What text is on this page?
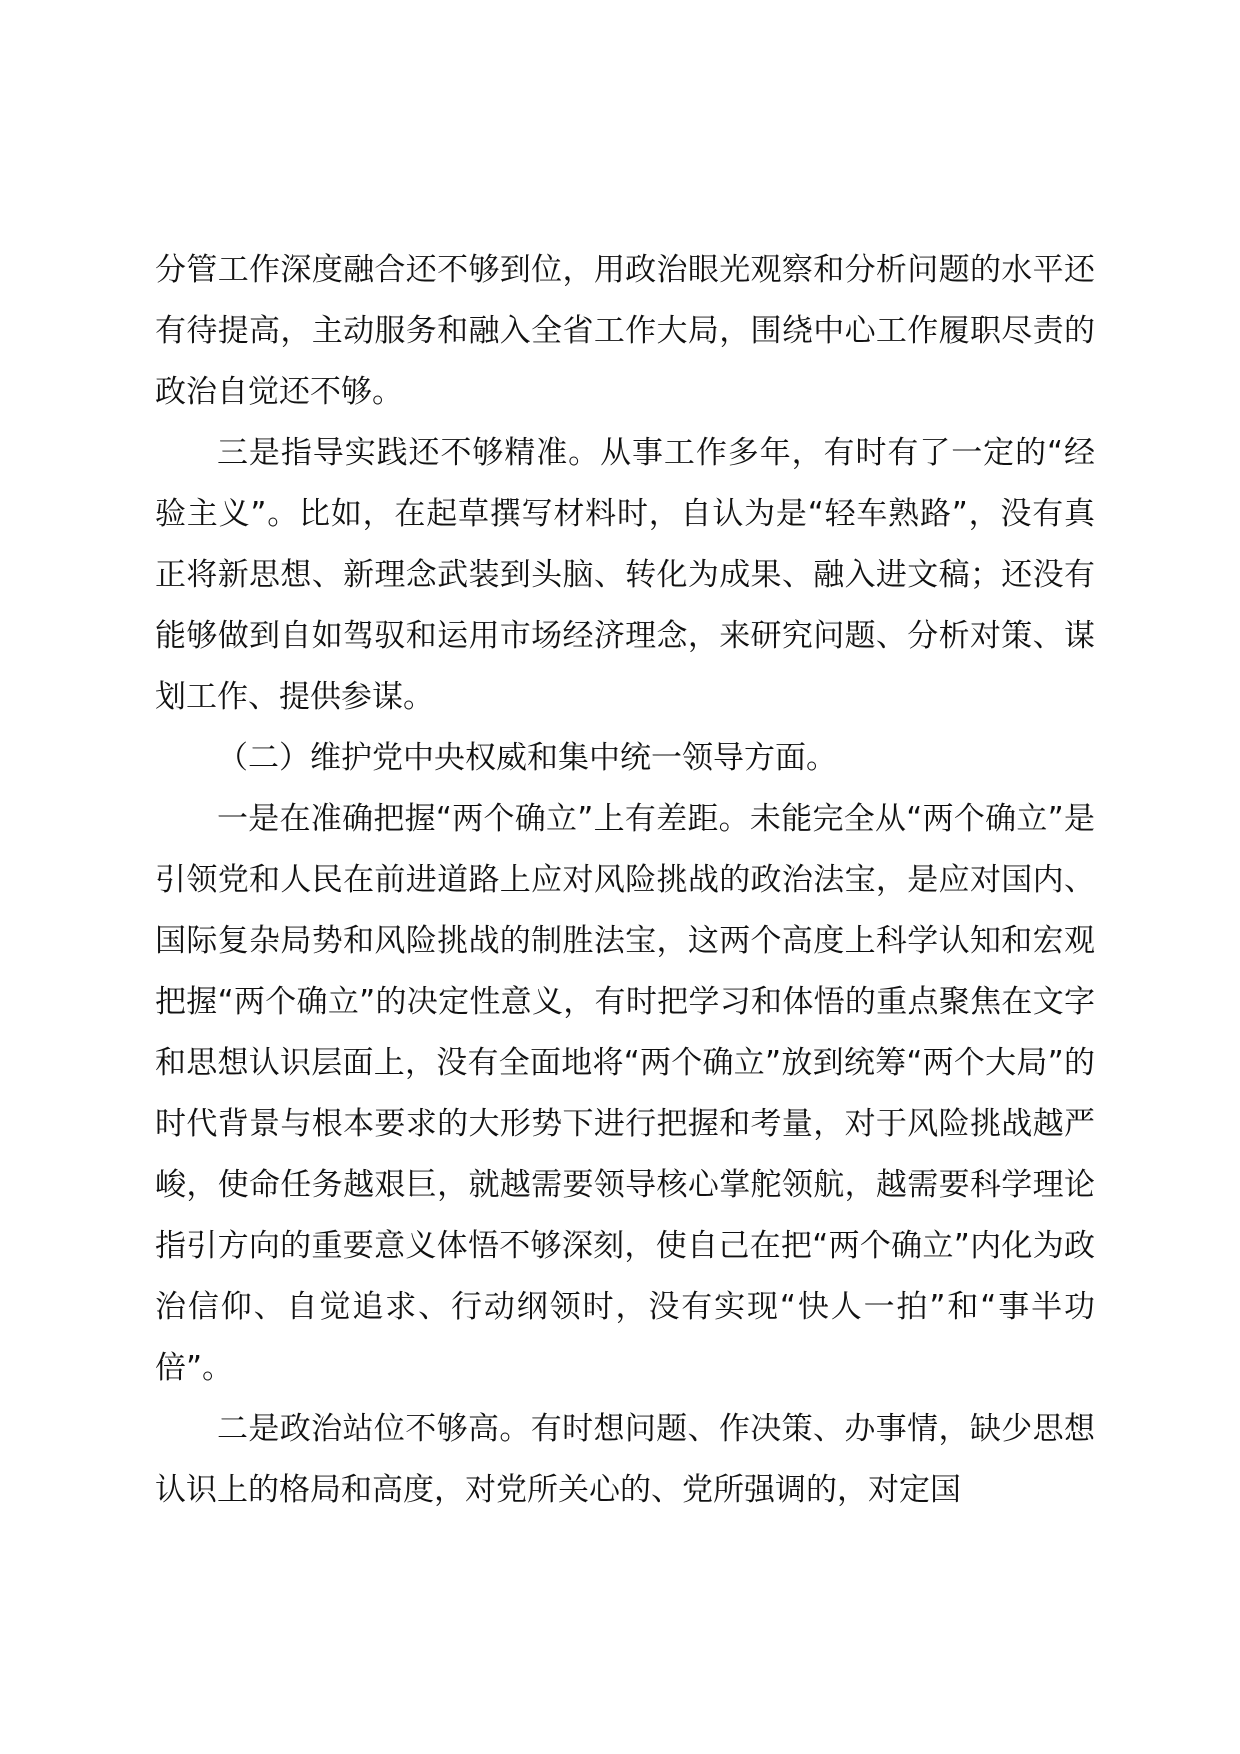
分管工作深度融合还不够到位，用政治眼光观察和分析问题的水平还有待提高，主动服务和融入全省工作大局，围绕中心工作履职尽责的政治自觉还不够。

三是指导实践还不够精准。从事工作多年，有时有了一定的“经验主义”。比如，在起草撰写材料时，自认为是“轻车熟路”，没有真正将新思想、新理念武装到头脑、转化为成果、融入进文稿；还没有能够做到自如驾驭和运用市场经济理念，来研究问题、分析对策、谋划工作、提供参谋。

（二）维护党中央权威和集中统一领导方面。

一是在准确把握“两个确立”上有差距。未能完全从“两个确立”是引领党和人民在前进道路上应对风险挑战的政治法宝，是应对国内、国际复杂局势和风险挑战的制胜法宝，这两个高度上科学认知和宏观把握“两个确立”的决定性意义，有时把学习和体悟的重点聚焦在文字和思想认识层面上，没有全面地将“两个确立”放到统筹“两个大局”的时代背景与根本要求的大形势下进行把握和考量，对于风险挑战越严峻，使命任务越艰巨，就越需要领导核心掌舵领航，越需要科学理论指引方向的重要意义体悟不够深刻，使自己在把“两个确立”内化为政治信仰、自觉追求、行动纲领时，没有实现“快人一拍”和“事半功倍”。

二是政治站位不够高。有时想问题、作决策、办事情，缺少思想认识上的格局和高度，对党所关心的、党所强调的，对定国
